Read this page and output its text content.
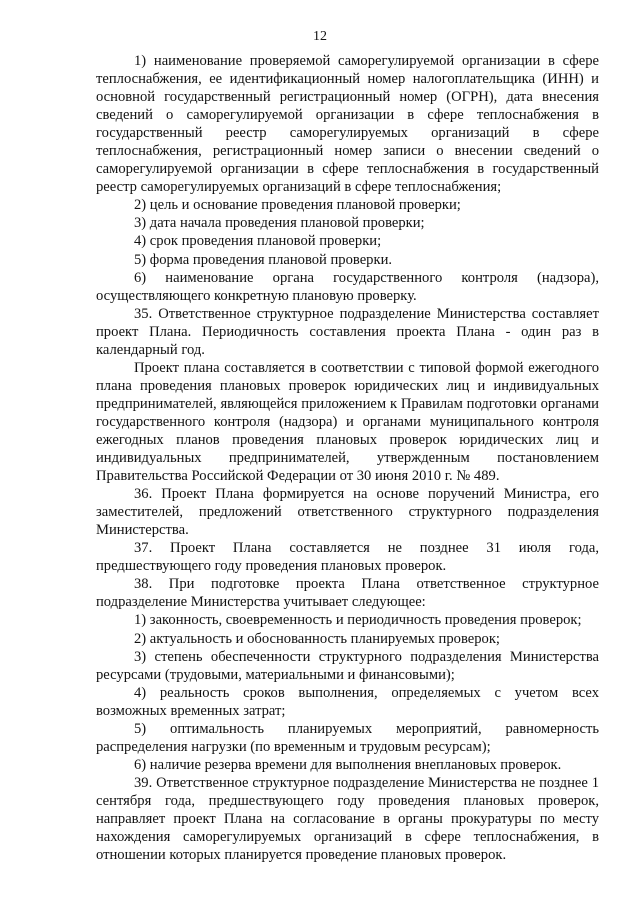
12

1) наименование проверяемой саморегулируемой организации в сфере теплоснабжения, ее идентификационный номер налогоплательщика (ИНН) и основной государственный регистрационный номер (ОГРН), дата внесения сведений о саморегулируемой организации в сфере теплоснабжения в государственный реестр саморегулируемых организаций в сфере теплоснабжения, регистрационный номер записи о внесении сведений о саморегулируемой организации в сфере теплоснабжения в государственный реестр саморегулируемых организаций в сфере теплоснабжения;

2) цель и основание проведения плановой проверки;

3) дата начала проведения плановой проверки;

4) срок проведения плановой проверки;

5) форма проведения плановой проверки.

6) наименование органа государственного контроля (надзора), осуществляющего конкретную плановую проверку.

35. Ответственное структурное подразделение Министерства составляет проект Плана. Периодичность составления проекта Плана - один раз в календарный год.

Проект плана составляется в соответствии с типовой формой ежегодного плана проведения плановых проверок юридических лиц и индивидуальных предпринимателей, являющейся приложением к Правилам подготовки органами государственного контроля (надзора) и органами муниципального контроля ежегодных планов проведения плановых проверок юридических лиц и индивидуальных предпринимателей, утвержденным постановлением Правительства Российской Федерации от 30 июня 2010 г. № 489.

36. Проект Плана формируется на основе поручений Министра, его заместителей, предложений ответственного структурного подразделения Министерства.

37. Проект Плана составляется не позднее 31 июля года, предшествующего году проведения плановых проверок.

38. При подготовке проекта Плана ответственное структурное подразделение Министерства учитывает следующее:

1) законность, своевременность и периодичность проведения проверок;

2) актуальность и обоснованность планируемых проверок;

3) степень обеспеченности структурного подразделения Министерства ресурсами (трудовыми, материальными и финансовыми);

4) реальность сроков выполнения, определяемых с учетом всех возможных временных затрат;

5) оптимальность планируемых мероприятий, равномерность распределения нагрузки (по временным и трудовым ресурсам);

6) наличие резерва времени для выполнения внеплановых проверок.

39. Ответственное структурное подразделение Министерства не позднее 1 сентября года, предшествующего году проведения плановых проверок, направляет проект Плана на согласование в органы прокуратуры по месту нахождения саморегулируемых организаций в сфере теплоснабжения, в отношении которых планируется проведение плановых проверок.
